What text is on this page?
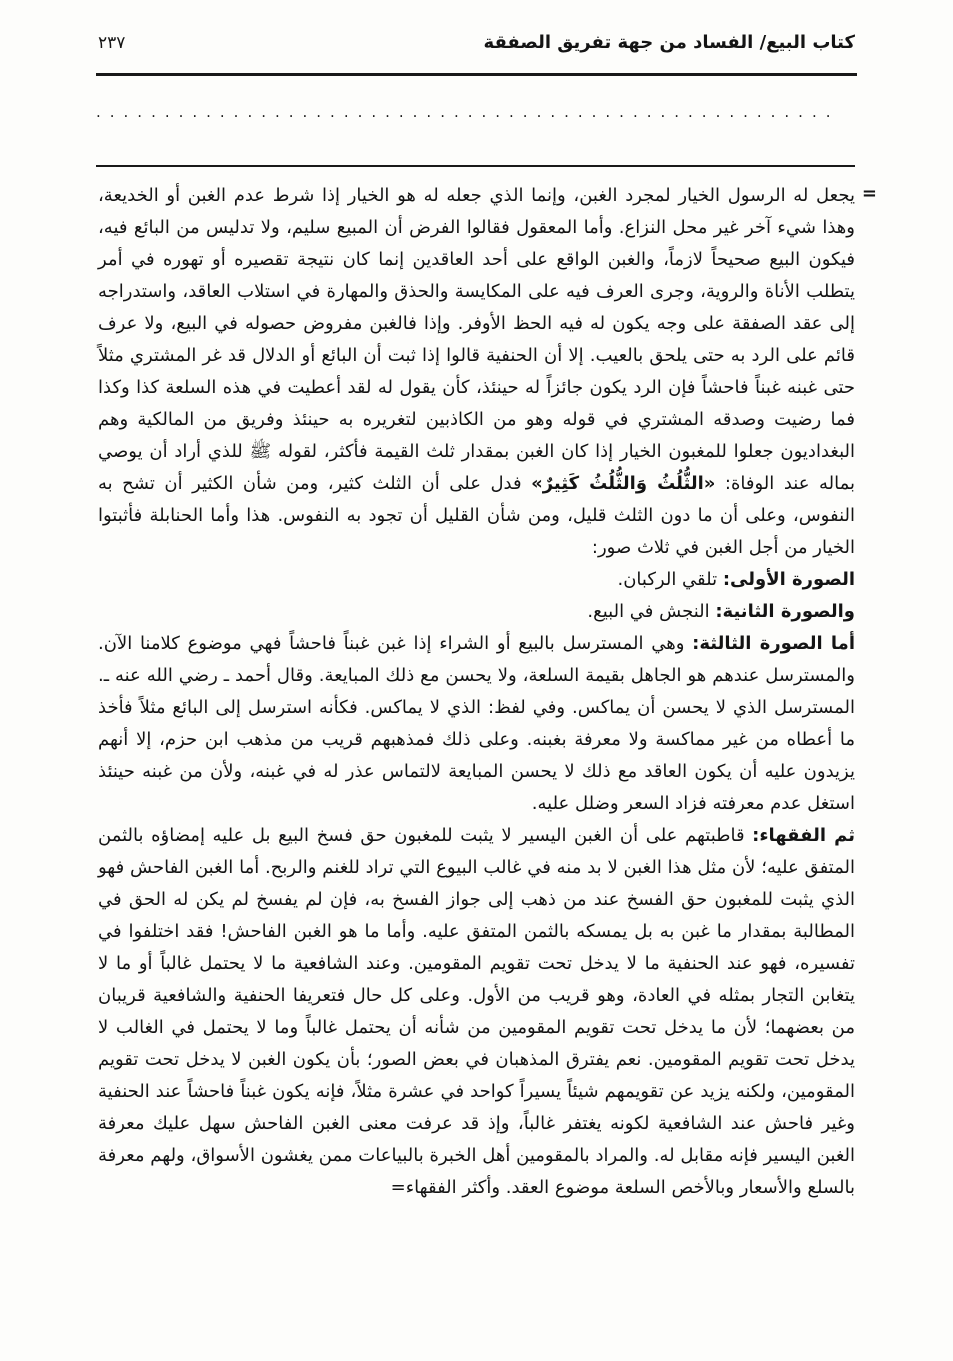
كتاب البيع/ الفساد من جهة تفريق الصفقة
٢٣٧
......................................................
=

يجعل له الرسول الخيار لمجرد الغبن، وإنما الذي جعله له هو الخيار إذا شرط عدم الغبن أو الخديعة، وهذا شيء آخر غير محل النزاع. وأما المعقول فقالوا الفرض أن المبيع سليم، ولا تدليس من البائع فيه، فيكون البيع صحيحاً لازماً، والغبن الواقع على أحد العاقدين إنما كان نتيجة تقصيره أو تهوره في أمر يتطلب الأناة والروية، وجرى العرف فيه على المكايسة والحذق والمهارة في استلاب العاقد، واستدراجه إلى عقد الصفقة على وجه يكون له فيه الحظ الأوفر. وإذا فالغبن مفروض حصوله في البيع، ولا عرف قائم على الرد به حتى يلحق بالعيب. إلا أن الحنفية قالوا إذا ثبت أن البائع أو الدلال قد غر المشتري مثلاً حتى غبنه غبناً فاحشاً فإن الرد يكون جائزاً له حينئذ، كأن يقول له لقد أعطيت في هذه السلعة كذا وكذا فما رضيت وصدقه المشتري في قوله وهو من الكاذبين لتغريره به حينئذ وفريق من المالكية وهم البغداديون جعلوا للمغبون الخيار إذا كان الغبن بمقدار ثلث القيمة فأكثر، لقوله ﷺ للذي أراد أن يوصي بماله عند الوفاة: «الثُّلُثُ وَالثُّلُثُ كَثِيرٌ» فدل على أن الثلث كثير، ومن شأن الكثير أن تشح به النفوس، وعلى أن ما دون الثلث قليل، ومن شأن القليل أن تجود به النفوس. هذا وأما الحنابلة فأثبتوا الخيار من أجل الغبن في ثلاث صور:

الصورة الأولى: تلقي الركبان.

والصورة الثانية: النجش في البيع.

أما الصورة الثالثة: وهي المسترسل بالبيع أو الشراء إذا غبن غبناً فاحشاً فهي موضوع كلامنا الآن. والمسترسل عندهم هو الجاهل بقيمة السلعة، ولا يحسن مع ذلك المبايعة. وقال أحمد ـ رضي الله عنه ـ. المسترسل الذي لا يحسن أن يماكس. وفي لفظ: الذي لا يماكس. فكأنه استرسل إلى البائع مثلاً فأخذ ما أعطاه من غير مماكسة ولا معرفة بغبنه. وعلى ذلك فمذهبهم قريب من مذهب ابن حزم، إلا أنهم يزيدون عليه أن يكون العاقد مع ذلك لا يحسن المبايعة لالتماس عذر له في غبنه، ولأن من غبنه حينئذ استغل عدم معرفته فزاد السعر وضلل عليه.

ثم الفقهاء: قاطبتهم على أن الغبن اليسير لا يثبت للمغبون حق فسخ البيع بل عليه إمضاؤه بالثمن المتفق عليه؛ لأن مثل هذا الغبن لا بد منه في غالب البيوع التي تراد للغنم والربح. أما الغبن الفاحش فهو الذي يثبت للمغبون حق الفسخ عند من ذهب إلى جواز الفسخ به، فإن لم يفسخ لم يكن له الحق في المطالبة بمقدار ما غبن به بل يمسكه بالثمن المتفق عليه. وأما ما هو الغبن الفاحش! فقد اختلفوا في تفسيره، فهو عند الحنفية ما لا يدخل تحت تقويم المقومين. وعند الشافعية ما لا يحتمل غالباً أو ما لا يتغابن التجار بمثله في العادة، وهو قريب من الأول. وعلى كل حال فتعريفا الحنفية والشافعية قريبان من بعضهما؛ لأن ما يدخل تحت تقويم المقومين من شأنه أن يحتمل غالباً وما لا يحتمل في الغالب لا يدخل تحت تقويم المقومين. نعم يفترق المذهبان في بعض الصور؛ بأن يكون الغبن لا يدخل تحت تقويم المقومين، ولكنه يزيد عن تقويمهم شيئاً يسيراً كواحد في عشرة مثلاً، فإنه يكون غبناً فاحشاً عند الحنفية وغير فاحش عند الشافعية لكونه يغتفر غالباً، وإذ قد عرفت معنى الغبن الفاحش سهل عليك معرفة الغبن اليسير فإنه مقابل له. والمراد بالمقومين أهل الخبرة بالبياعات ممن يغشون الأسواق، ولهم معرفة بالسلع والأسعار وبالأخص السلعة موضوع العقد. وأكثر الفقهاء=
